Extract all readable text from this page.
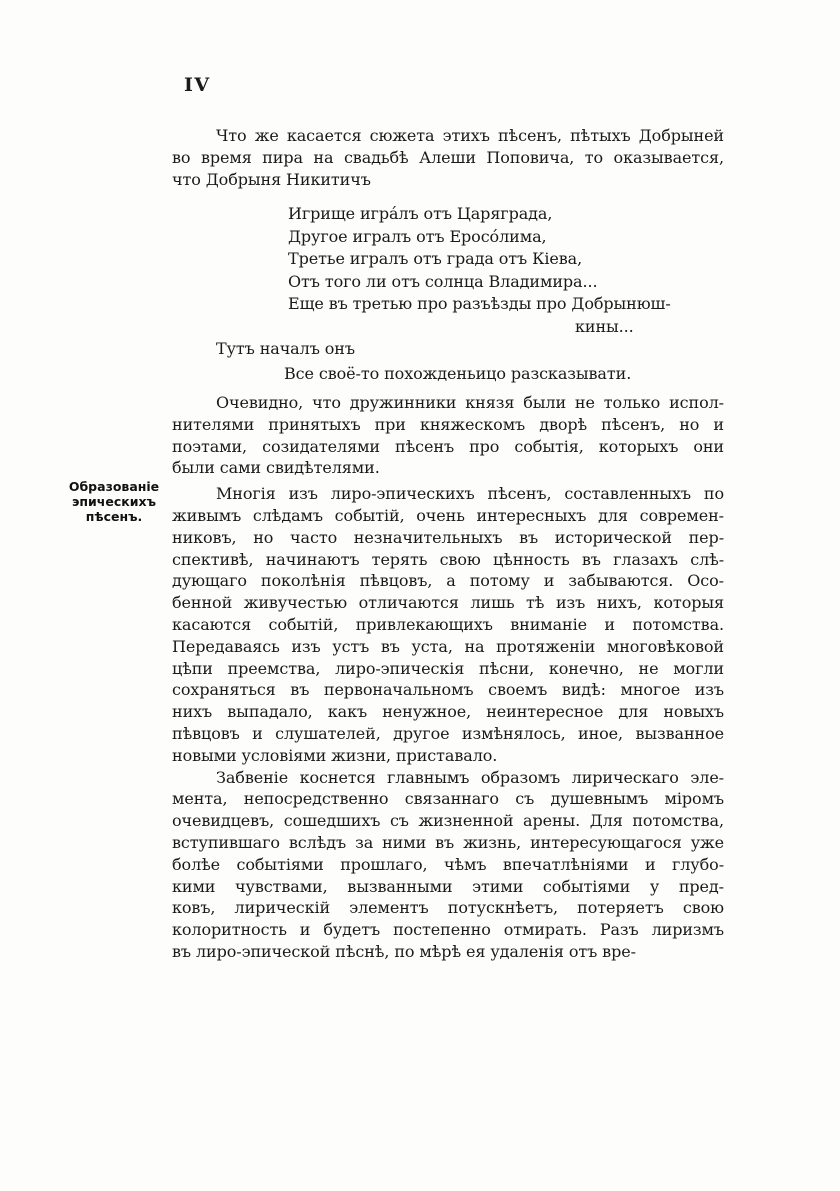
IV
Образованіе
эпическихъ
пѣсенъ.
Что же касается сюжета этихъ пѣсенъ, пѣтыхъ Добрыней
во время пира на свадьбѣ Алеши Поповича, то оказывается,
что Добрыня Никитичъ
Игрище игра́лъ отъ Царяграда,
Другое игралъ отъ Еросо́лима,
Третье игралъ отъ града отъ Кіева,
Отъ того ли отъ солнца Владимира...
Еще въ третью про разъѣзды про Добрынюш-
кины...
Тутъ началъ онъ
Все своё-то похожденьицо разсказывати.
Очевидно, что дружинники князя были не только испол-
нителями принятыхъ при княжескомъ дворѣ пѣсенъ, но и
поэтами, созидателями пѣсенъ про событія, которыхъ они
были сами свидѣтелями.
Многія изъ лиро-эпическихъ пѣсенъ, составленныхъ по
живымъ слѣдамъ событій, очень интересныхъ для современ-
никовъ, но часто незначительныхъ въ исторической пер-
спективѣ, начинаютъ терять свою цѣнность въ глазахъ слѣ-
дующаго поколѣнія пѣвцовъ, а потому и забываются. Осо-
бенной живучестью отличаются лишь тѣ изъ нихъ, которыя
касаются событій, привлекающихъ вниманіе и потомства.
Передаваясь изъ устъ въ уста, на протяженіи многовѣковой
цѣпи преемства, лиро-эпическія пѣсни, конечно, не могли
сохраняться въ первоначальномъ своемъ видѣ: многое изъ
нихъ выпадало, какъ ненужное, неинтересное для новыхъ
пѣвцовъ и слушателей, другое измѣнялось, иное, вызванное
новыми условіями жизни, приставало.
Забвеніе коснется главнымъ образомъ лирическаго эле-
мента, непосредственно связаннаго съ душевнымъ міромъ
очевидцевъ, сошедшихъ съ жизненной арены. Для потомства,
вступившаго вслѣдъ за ними въ жизнь, интересующагося уже
болѣе событіями прошлаго, чѣмъ впечатлѣніями и глубо-
кими чувствами, вызванными этими событіями у пред-
ковъ, лирическій элементъ потускнѣетъ, потеряетъ свою
колоритность и будетъ постепенно отмирать. Разъ лиризмъ
въ лиро-эпической пѣснѣ, по мѣрѣ ея удаленія отъ вре-
